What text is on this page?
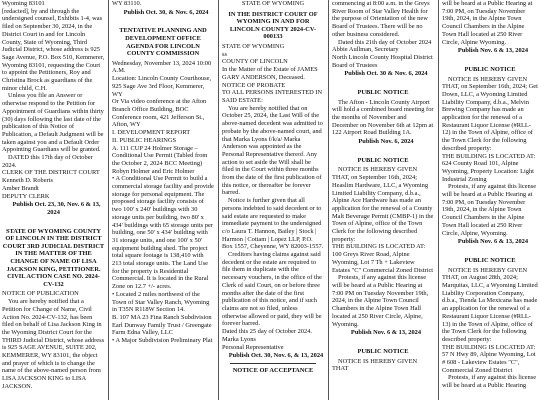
Wyoming 83101

[redacted], by and through the undersigned counsel, Exhibits 1-4, was filed on September 30, 2024, in the District Court in and for Lincoln County, State of Wyoming, Third Judicial District, whose address is 925 Sage Avenue, P.O. Box 510, Kemmerer, Wyoming 83101, requesting the Court to appoint the Petitioners, Roy and Christina Brock as guardians of the minor child, C.H.

Unless you file an Answer or otherwise respond to the Petition for Appointment of Guardians within thirty (30) days following the last date of the publication of this Notice of Publication, a Default Judgment will be taken against you and a Default Order Appointing Guardians will be granted.

DATED this 17th day of October 2024.

CLERK OF THE DISTRICT COURT

Kenneth D. Roberts

Amber Brandt

DEPUTY CLERK

Publish Oct. 23, 30, Nov. 6 & 13, 2024

STATE OF WYOMING COUNTY OF LINCOLN IN THE DISTRICT COURT 3RD JUDICIAL DISTRICT IN THE MATTER OF THE CHANGE OF NAME OF LISA JACKSON KING, PETITIONER. CIVIL ACTION CASE NO. 2024-CV-132

NOTICE OF PUBLICATION

You are hereby notified that a Petition for Change of Name, Civil Action No. 2024-CV-132, has been filed on behalf of Lisa Jackson King in the Wyoming District Court for the THIRD Judicial District, whose address is 925 SAGE AVENUE, SUITE 202, KEMMERER, WY 83101, the object and prayer of which is to change the name of the above-named person from LISA JACKSON KING to LISA JACKSON.

WY 83110.

Publish Oct. 30, & Nov. 6, 2024

TENTATIVE PLANNING AND DEVELOPMENT OFFICE AGENDA FOR LINCOLN COUNTY COMMISSION

Wednesday, November 13, 2024 10:00 A.M.

Location: Lincoln County Courthouse, 925 Sage Ave 3rd Floor, Kemmerer, WY

Or Via video conference at the Afton Branch Office Building, BOC Conference room, 421 Jefferson St., Afton, WY

I. DEVELOPMENT REPORT

II. PUBLIC HEARINGS

A. 111 CUP 24 Holmer Storage – Conditional Use Permit (Tabled from the October 2, 2024 BCC Meeting)

Robyn Holmer and Eric Holmer

• A Conditional Use Permit to build a commercial storage facility and provide storage for personal equipment. The proposed storage facility consists of two 100' x 240' buildings with 30 storage units per building, two 80' x 434' buildings with 65 storage units per building, one 50' x 434' building with 31 storage units, and one 100' x 50' equipment building shed. The project total square footage is 138,410 with 213 total storage units. The Land Use for the property is Residential Commercial. It is located in the Rural Zone on 12.7 +/- acres.

• Located 2 miles northwest of the Town of Star Valley Ranch, Wyoming in T35N R118W Section 14.

B. 107 MA 23 Fina Ranch Subdivision

Earl Dunway Family Trust / Greengate Farm Edna Valley, LLC

• A Major Subdivision Preliminary Plat

STATE OF WYOMING

IN THE DISTRICT COURT OF WYOMING IN AND FOR LINCOLN COUNTY 2024-CV-000133

STATE OF WYOMING

ss

COUNTY OF LINCOLN

In the Matter of the Estate of JAMES GARY ANDERSON, Deceased.

NOTICE OF PROBATE

TO ALL PERSONS INTERESTED IN SAID ESTATE:

You are hereby notified that on October 25, 2024, the Last Will of the above-named decedent was admitted to probate by the above-named court, and that Marka Lyons f/k/a/ Marka Anderson was appointed as the Personal Representative thereof. Any action to set aside the Will shall be filed in the Court within three months from the date of the first publication of this notice, or thereafter be forever barred.

Notice is further given that all persons indebted to said decedent or to said estate are requested to make immediate payment to the undersigned c/o Laura T. Hannon, Bailey | Stock | Harmon | Cottam | Lopez LLP, P.O. Box 1557, Cheyenne, WY 82003-1557.

Creditors having claims against said decedent or the estate are required to file them in duplicate with the necessary vouchers, in the office of the Clerk of said Court, on or before three months after the date of the first publication of this notice, and if such claims are not so filed, unless otherwise allowed or paid, they will be forever barred.

Dated this 25 day of October 2024.

Marka Lyons

Personal Representative

Publish Oct. 30, Nov. 6, & 13, 2024

NOTICE OF ACCEPTANCE

commencing at 8:00 a.m. in the Greys River Room of Star Valley Health for the purpose of Orientation of the new Board of Trustees. There will be no other business considered.

Dated this 21th day of October 2024

Abbie Aullman, Secretary

North Lincoln County Hospital District

Board of Trustees

Publish Oct. 30 & Nov. 6, 2024

PUBLIC NOTICE

The Afton - Lincoln County Airport will hold a combined board meeting for the months of November and December on November 6th at 12pm at 122 Airport Road Building 1A.

Publish Nov. 6, 2024

PUBLIC NOTICE

NOTICE IS HEREBY GIVEN THAT, on September 16th, 2024; Heaslim Hardware, LLC, a Wyoming Limited Liability Company, d.b.a., Alpine Ace Hardware has made an application for the renewal of a County Malt Beverage Permit (CMBP-1) in the Town of Alpine, office of the Town Clerk for the following described property:

THE BUILDING IS LOCATED AT: 100 Greys River Road, Alpine Wyoming, Lot 7 Th + Lakeview Estates "C" Commercial Zoned District

Protests, if any against this license will be heard at a Public Hearing at 7:00 PM on Tuesday November 19th, 2024, in the Alpine Town Council Chambers in the Alpine Town Hall located at 250 River Circle, Alpine, Wyoming.

Publish Nov. 6 & 13, 2024

PUBLIC NOTICE

NOTICE IS HEREBY GIVEN THAT

will be heard at a Public Hearing at 7:00 PM, on Tuesday November 19th, 2024, in the Alpine Town Council Chambers in the Alpine Town Hall located at 250 River Circle, Alpine Wyoming.

Publish Nov. 6 & 13, 2024

PUBLIC NOTICE

NOTICE IS HEREBY GIVEN THAT, on September 16th, 2024; Get Down, LLC, a Wyoming Limited Liability Company, d.b.a., Melvin Brewing Company has made an application for the renewal of a Restaurant Liquor License (#RLL-12) in the Town of Alpine, office of the Town Clerk for the following described property:

THE BUILDING IS LOCATED AT: 624 County Road 101, Alpine Wyoming, Property Location: Light Industrial Zoning

Protests, if any against this license will be heard at a Public Hearing at 7:00 PM, on Tuesday November 19th, 2024, in the Alpine Town Council Chambers in the Alpine Town Hall located at 250 River Circle, Alpine, Wyoming.

Publish Nov. 6 & 13, 2024

PUBLIC NOTICE

NOTICE IS HEREBY GIVEN THAT, on August 28th, 2024; Marquitas, LLC, a Wyoming Limited Liability Corporation Company, d.b.a., Tienda La Mexicana has made an application for the renewal of a Restaurant Liquor License (#RLL-13) in the Town of Alpine, office of the Town Clerk for the following described property:

THE BUILDING IS LOCATED AT: 57 N Hwy 89, Alpine Wyoming, Lot # 608 - Lakeview Estates "C", Commercial Zoned District

Protests, if any against this license will be heard at a Public Hearing
